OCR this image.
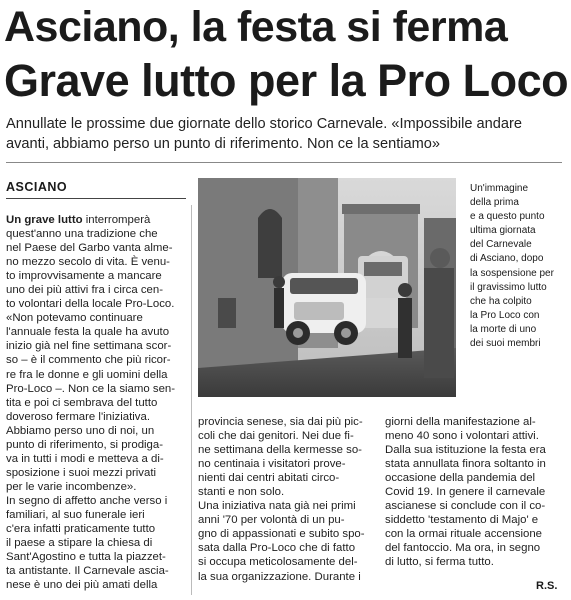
Asciano, la festa si ferma
Grave lutto per la Pro Loco
Annullate le prossime due giornate dello storico Carnevale. «Impossibile andare avanti, abbiamo perso un punto di riferimento. Non ce la sentiamo»
ASCIANO
Un grave lutto interromperà
quest'anno una tradizione che
nel Paese del Garbo vanta alme-
no mezzo secolo di vita. È venu-
to improvvisamente a mancare
uno dei più attivi fra i circa cen-
to volontari della locale Pro-Loco.
«Non potevamo continuare
l'annuale festa la quale ha avuto
inizio già nel fine settimana scor-
so – è il commento che più ricor-
re fra le donne e gli uomini della
Pro-Loco –. Non ce la siamo sen-
tita e poi ci sembrava del tutto
doveroso fermare l'iniziativa.
Abbiamo perso uno di noi, un
punto di riferimento, si prodiga-
va in tutti i modi e metteva a di-
sposizione i suoi mezzi privati
per le varie incombenze».
In segno di affetto anche verso i
familiari, al suo funerale ieri
c'era infatti praticamente tutto
il paese a stipare la chiesa di
Sant'Agostino e tutta la piazzet-
ta antistante. Il Carnevale ascia-
nese è uno dei più amati della
Un'immagine
della prima
e a questo punto
ultima giornata
del Carnevale
di Asciano, dopo
la sospensione per
il gravissimo lutto
che ha colpito
la Pro Loco con
la morte di uno
dei suoi membri
provincia senese, sia dai più pic-
coli che dai genitori. Nei due fi-
ne settimana della kermesse so-
no centinaia i visitatori prove-
nienti dai centri abitati circo-
stanti e non solo.
Una iniziativa nata già nei primi
anni '70 per volontà di un pu-
gno di appassionati e subito spo-
sata dalla Pro-Loco che di fatto
si occupa meticolosamente del-
la sua organizzazione. Durante i
giorni della manifestazione al-
meno 40 sono i volontari attivi.
Dalla sua istituzione la festa era
stata annullata finora soltanto in
occasione della pandemia del
Covid 19. In genere il carnevale
ascianese si conclude con il co-
siddetto 'testamento di Majo' e
con la ormai rituale accensione
del fantoccio. Ma ora, in segno
di lutto, si ferma tutto.
R.S.
